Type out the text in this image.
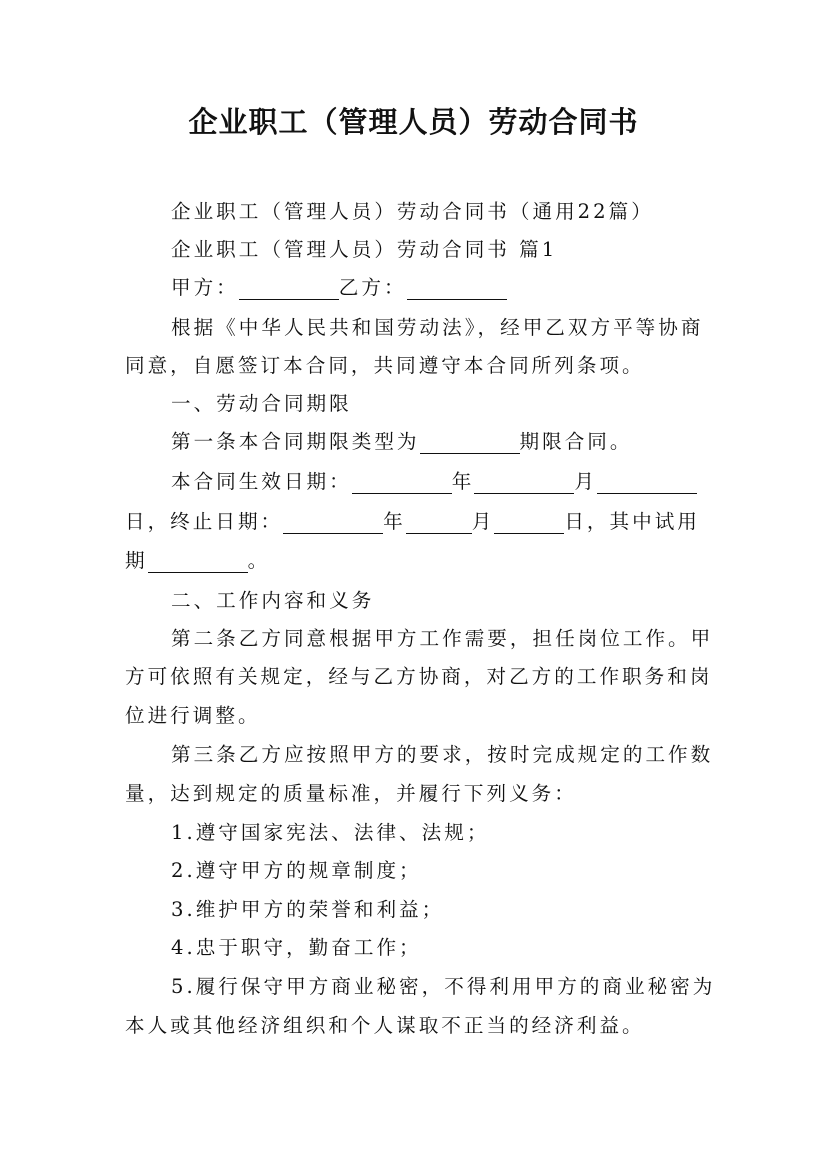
企业职工（管理人员）劳动合同书
企业职工（管理人员）劳动合同书（通用22篇）
企业职工（管理人员）劳动合同书 篇1
甲方：	乙方：
根据《中华人民共和国劳动法》，经甲乙双方平等协商
同意，自愿签订本合同，共同遵守本合同所列条项。
一、劳动合同期限
第一条本合同期限类型为	期限合同。
本合同生效日期：	年	月
日，终止日期：	年	月	日，其中试用
期	。
二、工作内容和义务
第二条乙方同意根据甲方工作需要，担任岗位工作。甲
方可依照有关规定，经与乙方协商，对乙方的工作职务和岗
位进行调整。
第三条乙方应按照甲方的要求，按时完成规定的工作数
量，达到规定的质量标准，并履行下列义务：
1.遵守国家宪法、法律、法规；
2.遵守甲方的规章制度；
3.维护甲方的荣誉和利益；
4.忠于职守，勤奋工作；
5.履行保守甲方商业秘密，不得利用甲方的商业秘密为
本人或其他经济组织和个人谋取不正当的经济利益。
